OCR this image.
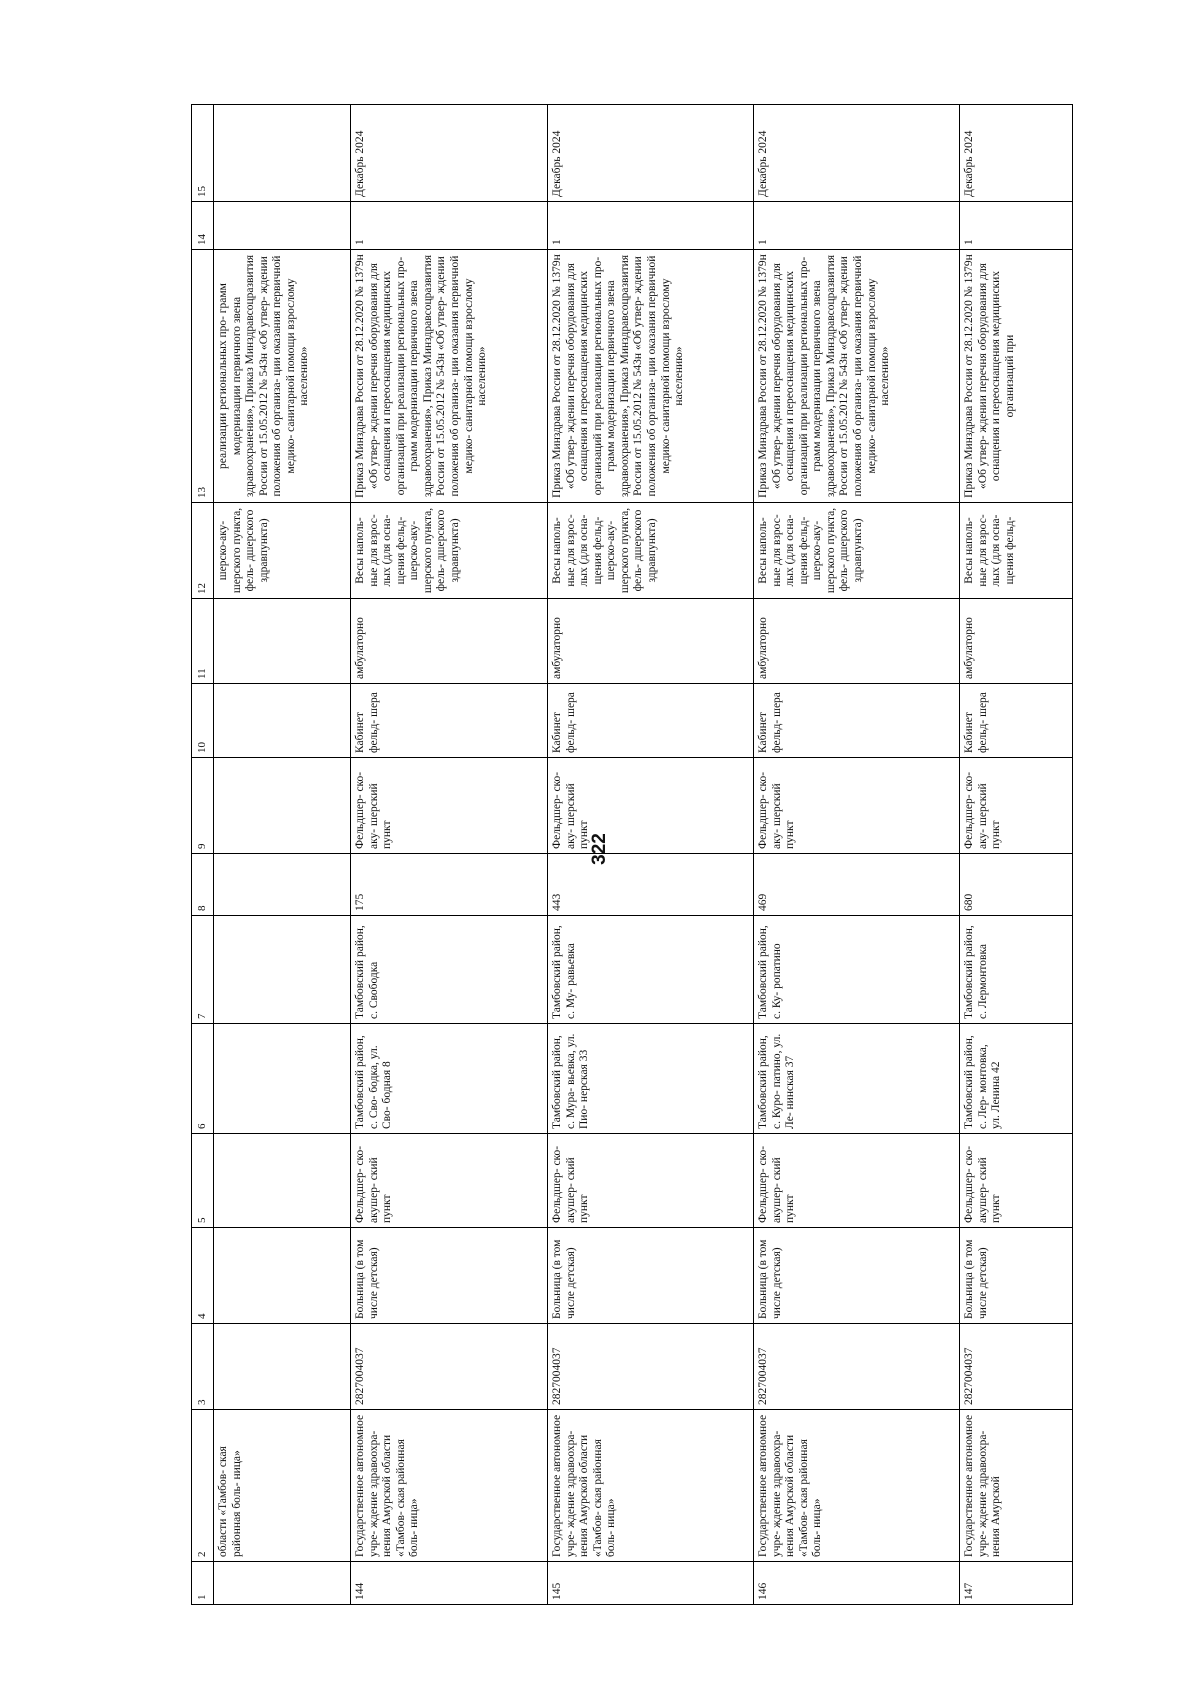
322
1	2	3	4	5	6	7	8	9	10	11	12	13	14	15
	области «Тамбов- ская районная боль- ница»										шерско-аку- шерского пункта, фель- дшерского здравпункта)	реализации региональных про- грамм модернизации первичного звена здравоохранения», Приказ Минздравсоцразвития России от 15.05.2012 № 543н «Об утвер- ждении положения об организа- ции оказания первичной медико- санитарной помощи взрослому населению»		
144	Государственное автономное учре- ждение здравоохра- нения Амурской области «Тамбов- ская районная боль- ница»	2827004037	Больница (в том числе детская)	Фельдшер- ско-акушер- ский пункт	Тамбовский район, с. Сво- бодка, ул. Сво- бодная 8	Тамбовский район, с. Свободка	175	Фельдшер- ско-аку- шерский пункт	Кабинет фельд- шера	амбулаторно	Весы наполь- ные для взрос- лых (для осна- щения фельд- шерско-аку- шерского пункта, фель- дшерского здравпункта)	Приказ Минздрава России от 28.12.2020 № 1379н «Об утвер- ждении перечня оборудования для оснащения и переоснащения медицинских организаций при реализации региональных про- грамм модернизации первичного звена здравоохранения», Приказ Минздравсоцразвития России от 15.05.2012 № 543н «Об утвер- ждении положения об организа- ции оказания первичной медико- санитарной помощи взрослому населению»	1	Декабрь 2024
145	Государственное автономное учре- ждение здравоохра- нения Амурской области «Тамбов- ская районная боль- ница»	2827004037	Больница (в том числе детская)	Фельдшер- ско-акушер- ский пункт	Тамбовский район, с. Мура- вьевка, ул. Пио- нерская 33	Тамбовский район, с. Му- равьевка	443	Фельдшер- ско-аку- шерский пункт	Кабинет фельд- шера	амбулаторно	Весы наполь- ные для взрос- лых (для осна- щения фельд- шерско-аку- шерского пункта, фель- дшерского здравпункта)	Приказ Минздрава России от 28.12.2020 № 1379н «Об утвер- ждении перечня оборудования для оснащения и переоснащения медицинских организаций при реализации региональных про- грамм модернизации первичного звена здравоохранения», Приказ Минздравсоцразвития России от 15.05.2012 № 543н «Об утвер- ждении положения об организа- ции оказания первичной медико- санитарной помощи взрослому населению»	1	Декабрь 2024
146	Государственное автономное учре- ждение здравоохра- нения Амурской области «Тамбов- ская районная боль- ница»	2827004037	Больница (в том числе детская)	Фельдшер- ско-акушер- ский пункт	Тамбовский район, с. Куро- патино, ул. Ле- нинская 37	Тамбовский район, с. Ку- ропатино	469	Фельдшер- ско-аку- шерский пункт	Кабинет фельд- шера	амбулаторно	Весы наполь- ные для взрос- лых (для осна- щения фельд- шерско-аку- шерского пункта, фель- дшерского здравпункта)	Приказ Минздрава России от 28.12.2020 № 1379н «Об утвер- ждении перечня оборудования для оснащения и переоснащения медицинских организаций при реализации региональных про- грамм модернизации первичного звена здравоохранения», Приказ Минздравсоцразвития России от 15.05.2012 № 543н «Об утвер- ждении положения об организа- ции оказания первичной медико- санитарной помощи взрослому населению»	1	Декабрь 2024
147	Государственное автономное учре- ждение здравоохра- нения Амурской	2827004037	Больница (в том числе детская)	Фельдшер- ско-акушер- ский пункт	Тамбовский район, с. Лер- монтовка, ул. Ленина 42	Тамбовский район, с. Лермонтовка	680	Фельдшер- ско-аку- шерский пункт	Кабинет фельд- шера	амбулаторно	Весы наполь- ные для взрос- лых (для осна- щения фельд-	Приказ Минздрава России от 28.12.2020 № 1379н «Об утвер- ждении перечня оборудования для оснащения и переоснащения медицинских организаций при	1	Декабрь 2024
